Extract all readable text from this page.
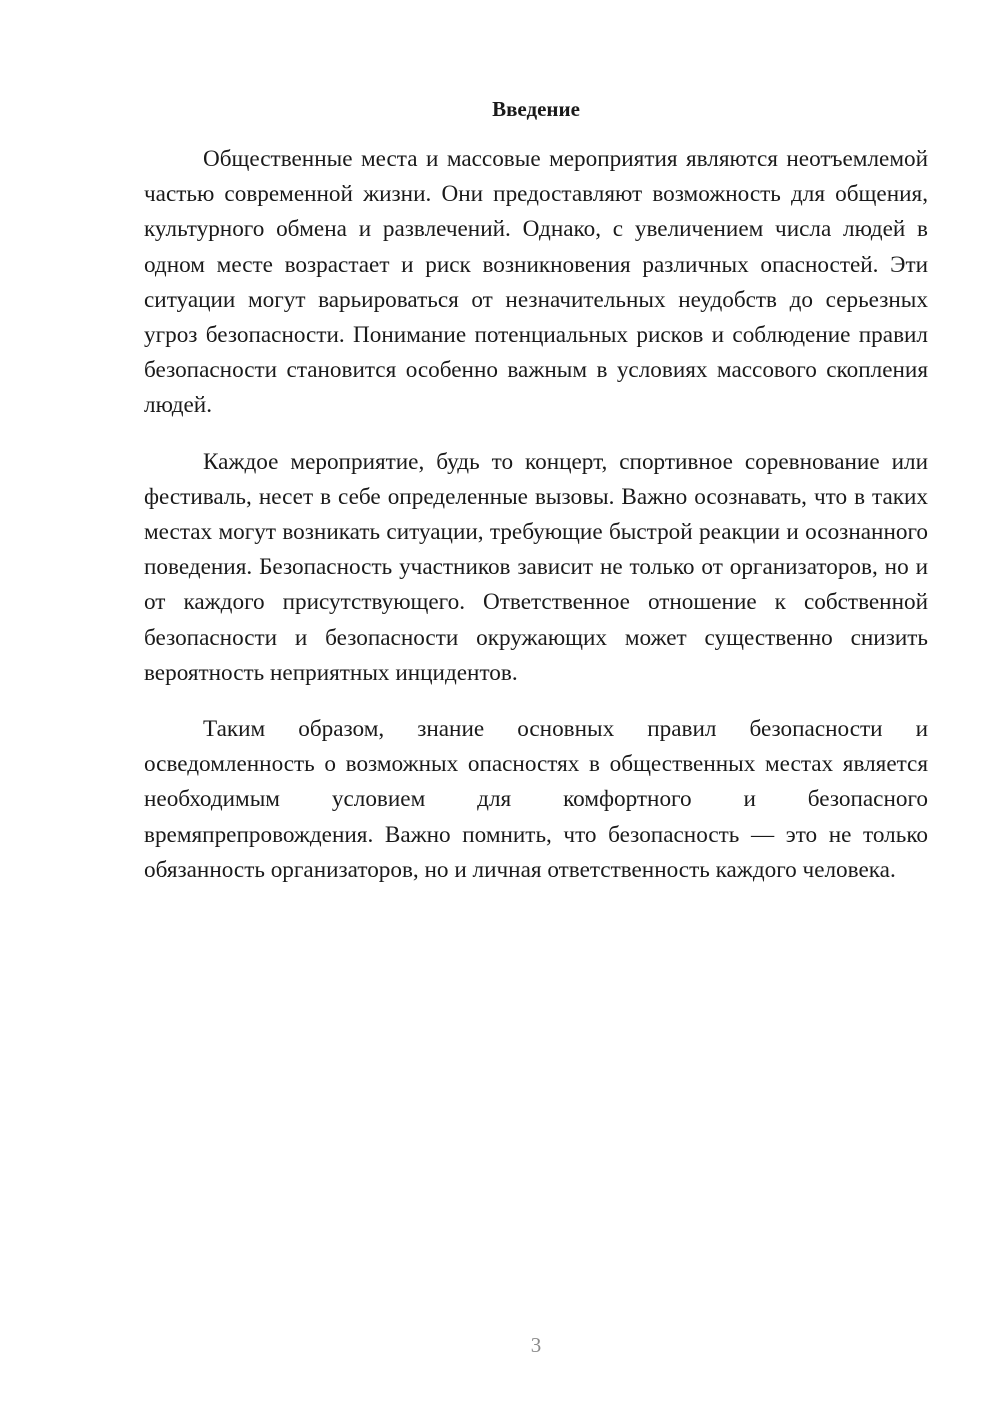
Введение

Общественные места и массовые мероприятия являются неотъемлемой частью современной жизни. Они предоставляют возможность для общения, культурного обмена и развлечений. Однако, с увеличением числа людей в одном месте возрастает и риск возникновения различных опасностей. Эти ситуации могут варьироваться от незначительных неудобств до серьезных угроз безопасности. Понимание потенциальных рисков и соблюдение правил безопасности становится особенно важным в условиях массового скопления людей.

Каждое мероприятие, будь то концерт, спортивное соревнование или фестиваль, несет в себе определенные вызовы. Важно осознавать, что в таких местах могут возникать ситуации, требующие быстрой реакции и осознанного поведения. Безопасность участников зависит не только от организаторов, но и от каждого присутствующего. Ответственное отношение к собственной безопасности и безопасности окружающих может существенно снизить вероятность неприятных инцидентов.

Таким образом, знание основных правил безопасности и осведомленность о возможных опасностях в общественных местах является необходимым условием для комфортного и безопасного времяпрепровождения. Важно помнить, что безопасность — это не только обязанность организаторов, но и личная ответственность каждого человека.

3
